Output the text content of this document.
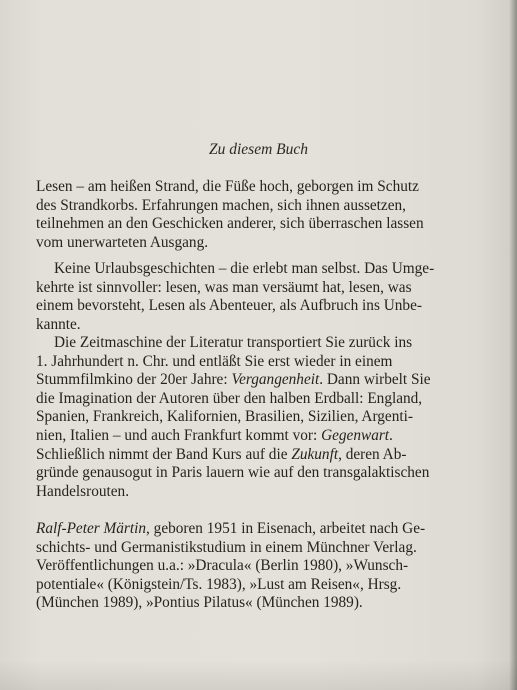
Zu diesem Buch
Lesen – am heißen Strand, die Füße hoch, geborgen im Schutz
des Strandkorbs. Erfahrungen machen, sich ihnen aussetzen,
teilnehmen an den Geschicken anderer, sich überraschen lassen
vom unerwarteten Ausgang.
Keine Urlaubsgeschichten – die erlebt man selbst. Das Umge-
kehrte ist sinnvoller: lesen, was man versäumt hat, lesen, was
einem bevorsteht, Lesen als Abenteuer, als Aufbruch ins Unbe-
kannte.
Die Zeitmaschine der Literatur transportiert Sie zurück ins
1. Jahrhundert n. Chr. und entläßt Sie erst wieder in einem
Stummfilmkino der 20er Jahre: Vergangenheit. Dann wirbelt Sie
die Imagination der Autoren über den halben Erdball: England,
Spanien, Frankreich, Kalifornien, Brasilien, Sizilien, Argenti-
nien, Italien – und auch Frankfurt kommt vor: Gegenwart.
Schließlich nimmt der Band Kurs auf die Zukunft, deren Ab-
gründe genausogut in Paris lauern wie auf den transgalaktischen
Handelsrouten.
Ralf-Peter Märtin, geboren 1951 in Eisenach, arbeitet nach Ge-
schichts- und Germanistikstudium in einem Münchner Verlag.
Veröffentlichungen u.a.: »Dracula« (Berlin 1980), »Wunsch-
potentiale« (Königstein/Ts. 1983), »Lust am Reisen«, Hrsg.
(München 1989), »Pontius Pilatus« (München 1989).
